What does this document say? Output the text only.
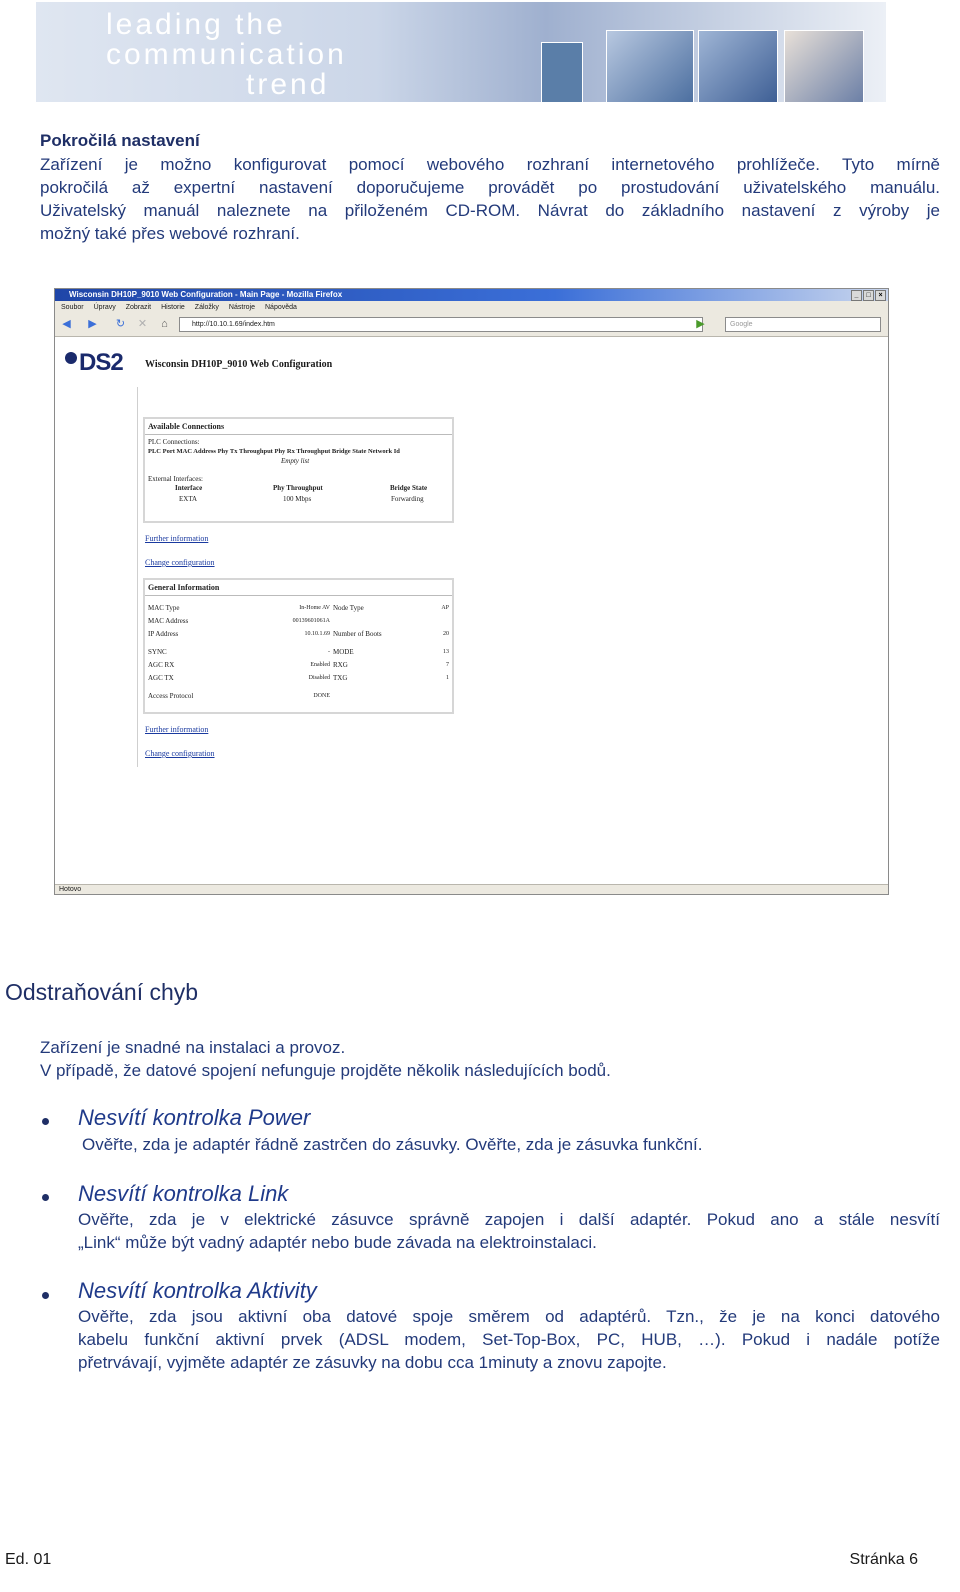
leading the
communication
trend
Pokročilá nastavení
Zařízení je možno konfigurovat pomocí webového rozhraní internetového prohlížeče. Tyto mírně
pokročilá až expertní nastavení doporučujeme provádět po prostudování uživatelského manuálu.
Uživatelský manuál naleznete na přiloženém CD-ROM. Návrat do základního nastavení z výroby je
možný také přes webové rozhraní.
Wisconsin DH10P_9010 Web Configuration - Main Page - Mozilla Firefox	_	□	×
Soubor Úpravy Zobrazit Historie Záložky Nástroje Nápověda
◀ ▶ ↻ ✕	⌂	http://10.10.1.69/index.htm	▶	Google
DS2	Wisconsin DH10P_9010 Web Configuration
Available Connections
PLC Connections:
PLC Port MAC Address Phy Tx Throughput Phy Rx Throughput Bridge State Network Id
Empty list
External Interfaces:
Interface	Phy Throughput	Bridge State
EXTA	100 Mbps	Forwarding
Further information
Change configuration
General Information
MAC Type	In-Home AV Node Type	AP
MAC Address	00139601061A
IP Address	10.10.1.69 Number of Boots	20
SYNC	- MODE	13
AGC RX	Enabled RXG	7
AGC TX	Disabled TXG	1
Access Protocol	DONE
Further information
Change configuration
Hotovo
Odstraňování chyb
Zařízení je snadné na instalaci a provoz.
V případě, že datové spojení nefunguje projděte několik následujících bodů.
Nesvítí kontrolka Power
Ověřte, zda je adaptér řádně zastrčen do zásuvky. Ověřte, zda je zásuvka funkční.
Nesvítí kontrolka Link
Ověřte, zda je v elektrické zásuvce správně zapojen i další adaptér. Pokud ano a stále nesvítí
„Link“ může být vadný adaptér nebo bude závada na elektroinstalaci.
Nesvítí kontrolka Aktivity
Ověřte, zda jsou aktivní oba datové spoje směrem od adaptérů. Tzn., že je na konci datového
kabelu funkční aktivní prvek (ADSL modem, Set-Top-Box, PC, HUB, …). Pokud i nadále potíže
přetrvávají, vyjměte adaptér ze zásuvky na dobu cca 1minuty a znovu zapojte.
Ed. 01	Stránka 6
